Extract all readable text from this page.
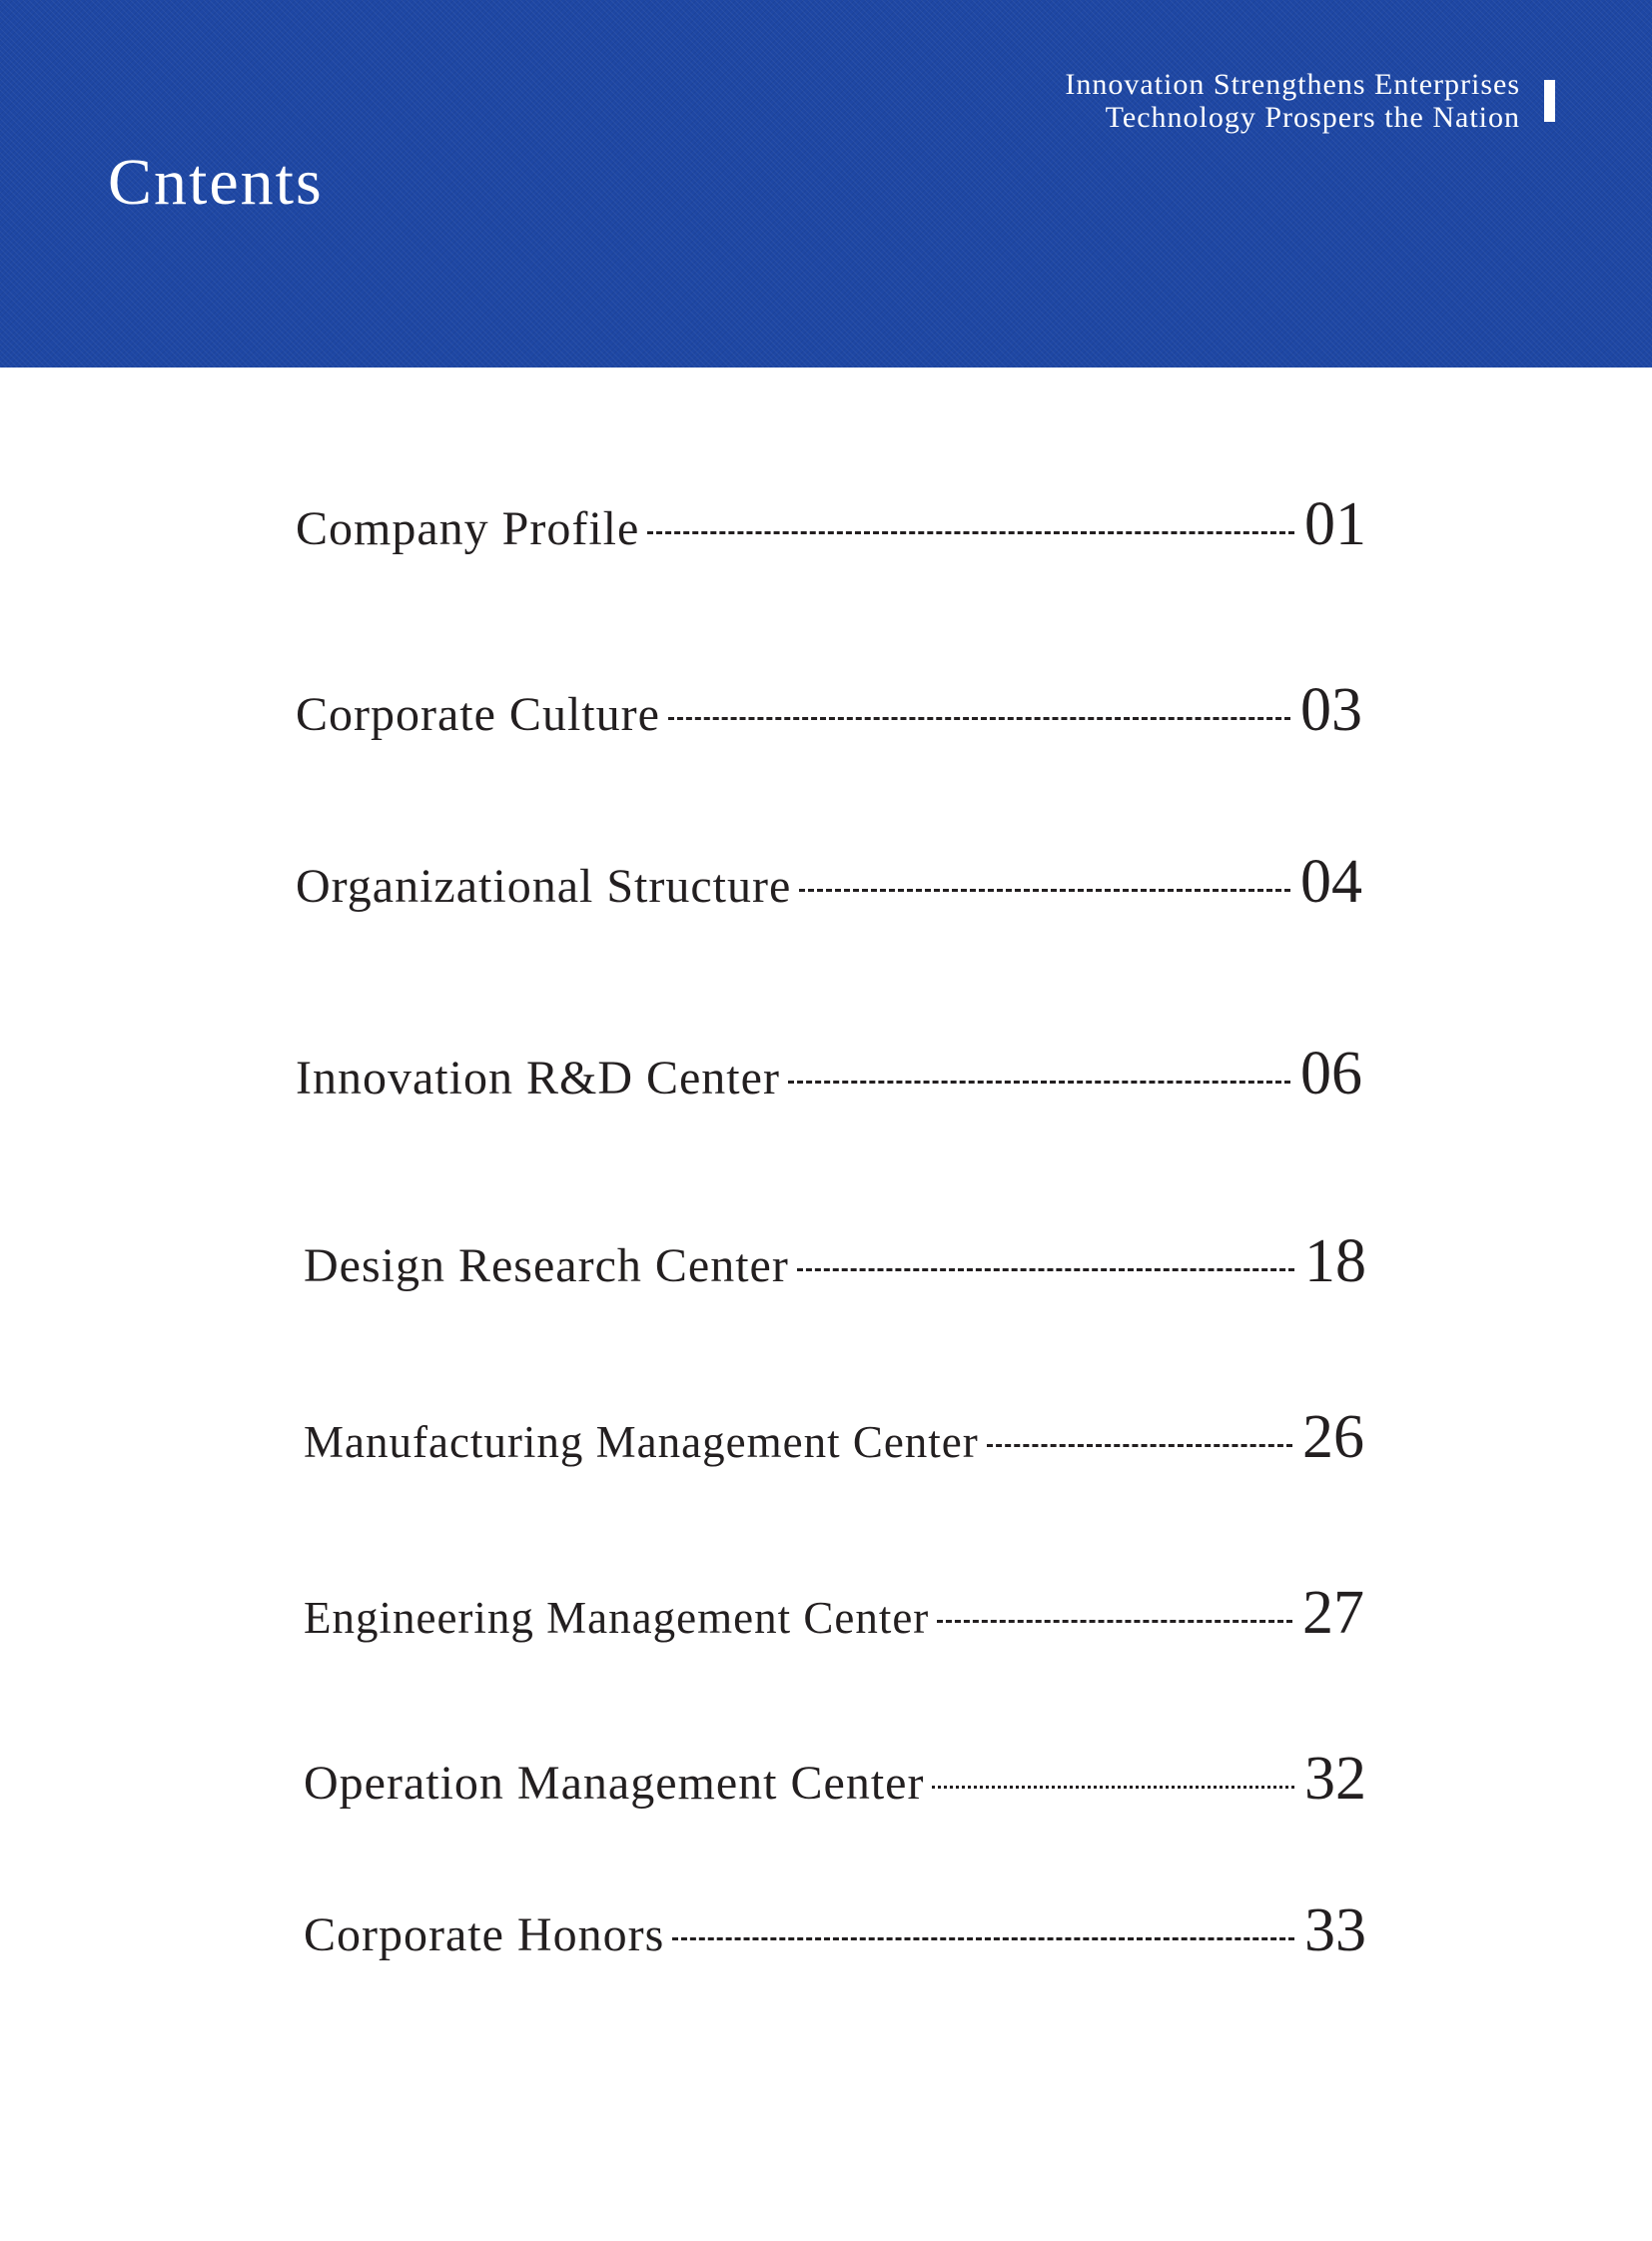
Innovation Strengthens Enterprises
Technology Prospers the Nation
Cntents
Company Profile	01
Corporate Culture	03
Organizational Structure	04
Innovation R&D Center	06
Design Research Center	18
Manufacturing Management Center	26
Engineering Management Center	27
Operation Management Center	32
Corporate Honors	33
